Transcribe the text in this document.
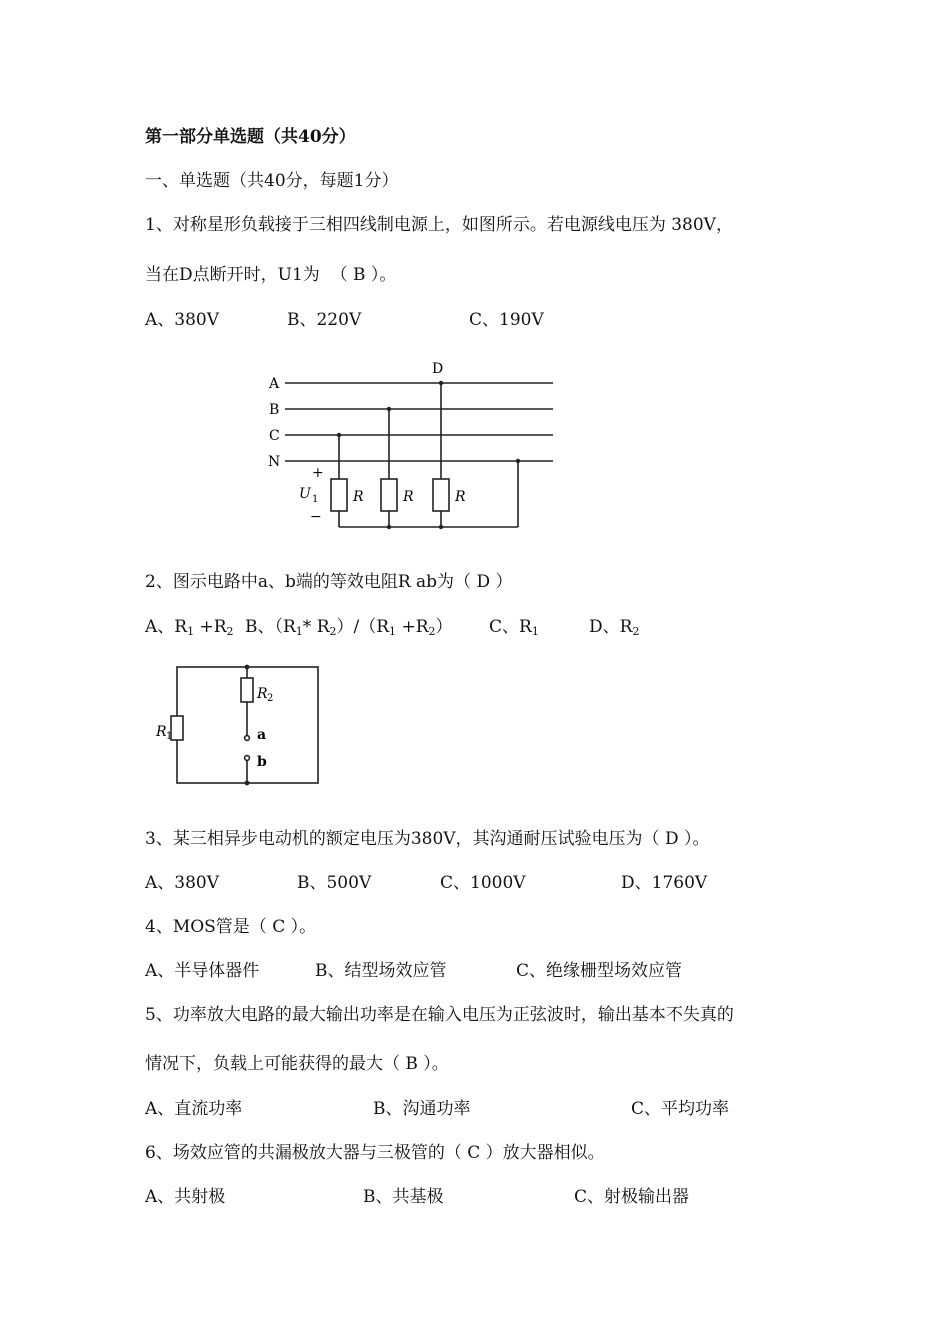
第一部分单选题（共40分）
一、单选题（共40分，每题1分）
1、对称星形负载接于三相四线制电源上，如图所示。若电源线电压为 380V，
当在D点断开时，U1为  （ B ）。
A、380V	B、220V	C、190V
A
B
C
N
D
R	R	R
+
U 1
−
2、图示电路中a、b端的等效电阻R ab为（ D ）
A、$R_1 +R_2$ B、（$R_1*$ $R_2)/(R_1 +R_2)$ C、$R_1$	D、$R_2$
R 2
R 1	a
b
3、某三相异步电动机的额定电压为380V，其沟通耐压试验电压为（ D ）。
A、380V	B、500V	C、1000V	D、1760V
4、MOS管是（ C ）。
A、半导体器件	B、结型场效应管	C、绝缘栅型场效应管
5、功率放大电路的最大输出功率是在输入电压为正弦波时，输出基本不失真的
情况下，负载上可能获得的最大（ B ）。
A、直流功率	B、沟通功率	C、平均功率
6、场效应管的共漏极放大器与三极管的（ C ）放大器相似。
A、共射极	B、共基极	C、射极输出器
